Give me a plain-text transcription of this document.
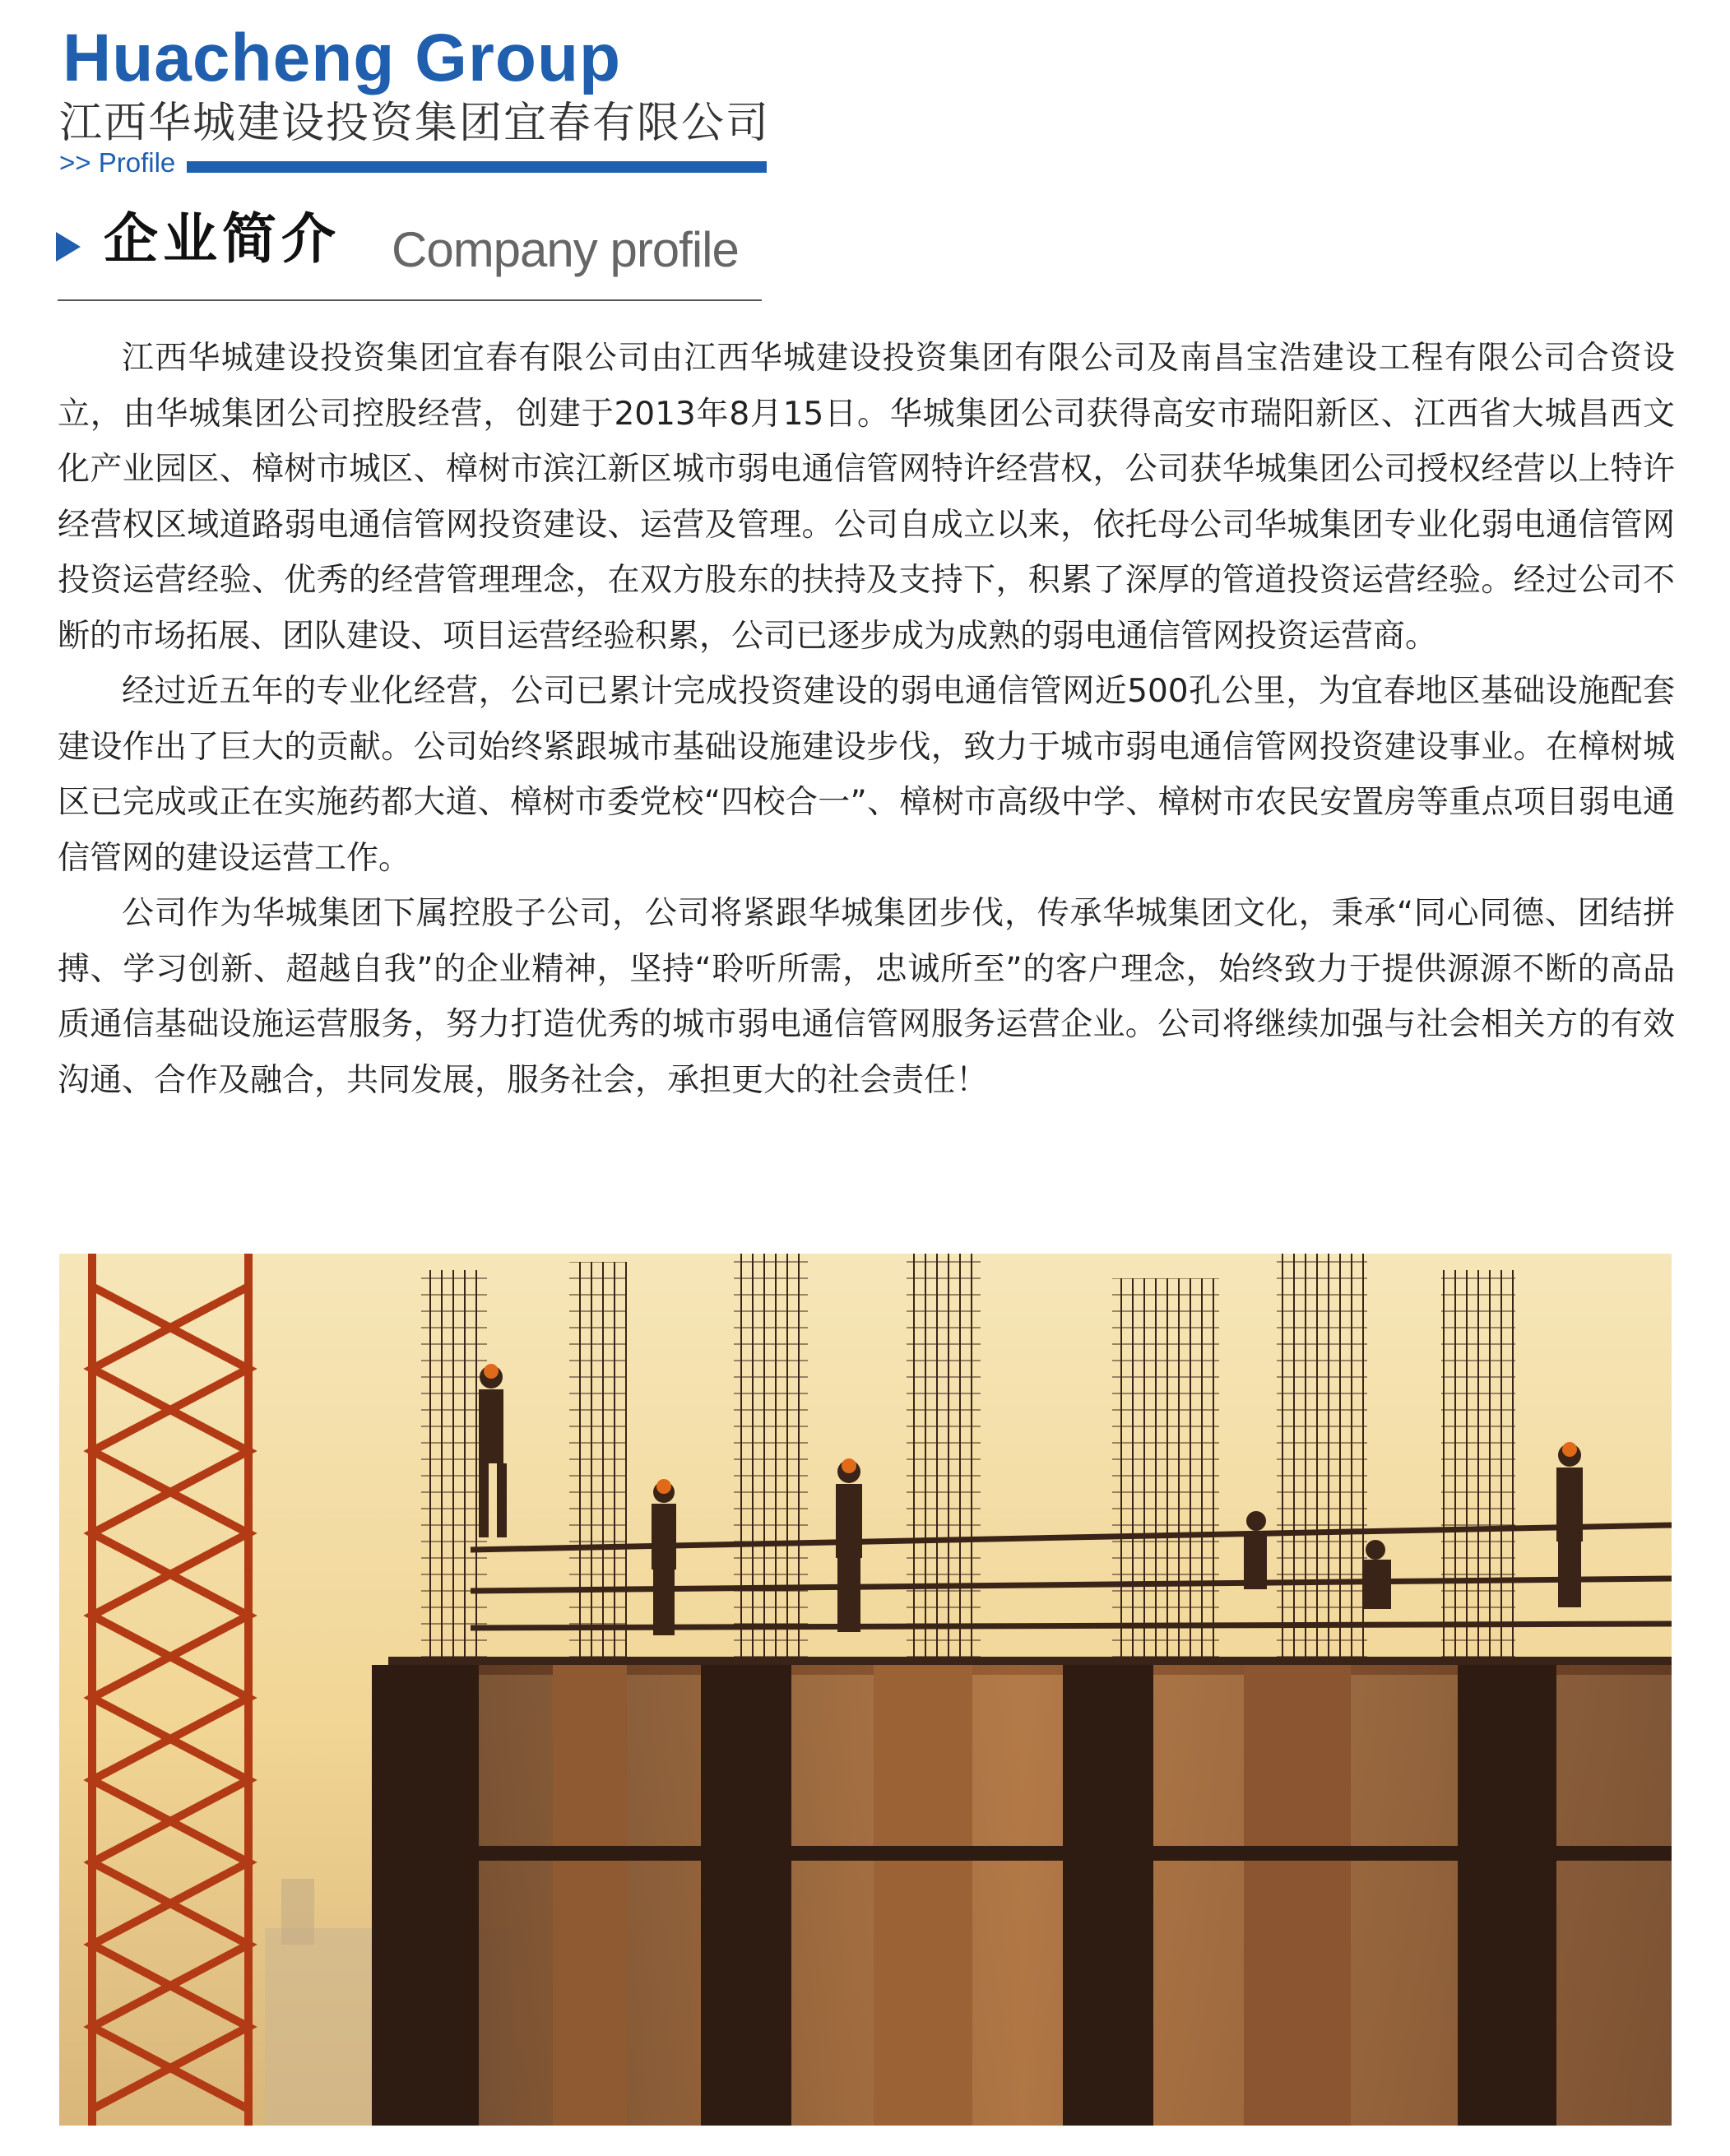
Huacheng Group
江西华城建设投资集团宜春有限公司
>> Profile
企业简介 Company profile

江西华城建设投资集团宜春有限公司由江西华城建设投资集团有限公司及南昌宝浩建设工程有限公司合资设立，由华城集团公司控股经营，创建于2013年8月15日。华城集团公司获得高安市瑞阳新区、江西省大城昌西文化产业园区、樟树市城区、樟树市滨江新区城市弱电通信管网特许经营权，公司获华城集团公司授权经营以上特许经营权区域道路弱电通信管网投资建设、运营及管理。公司自成立以来，依托母公司华城集团专业化弱电通信管网投资运营经验、优秀的经营管理理念，在双方股东的扶持及支持下，积累了深厚的管道投资运营经验。经过公司不断的市场拓展、团队建设、项目运营经验积累，公司已逐步成为成熟的弱电通信管网投资运营商。

经过近五年的专业化经营，公司已累计完成投资建设的弱电通信管网近500孔公里，为宜春地区基础设施配套建设作出了巨大的贡献。公司始终紧跟城市基础设施建设步伐，致力于城市弱电通信管网投资建设事业。在樟树城区已完成或正在实施药都大道、樟树市委党校“四校合一”、樟树市高级中学、樟树市农民安置房等重点项目弱电通信管网的建设运营工作。

公司作为华城集团下属控股子公司，公司将紧跟华城集团步伐，传承华城集团文化，秉承“同心同德、团结拼搏、学习创新、超越自我”的企业精神，坚持“聆听所需，忠诚所至”的客户理念，始终致力于提供源源不断的高品质通信基础设施运营服务，努力打造优秀的城市弱电通信管网服务运营企业。公司将继续加强与社会相关方的有效沟通、合作及融合，共同发展，服务社会，承担更大的社会责任！
